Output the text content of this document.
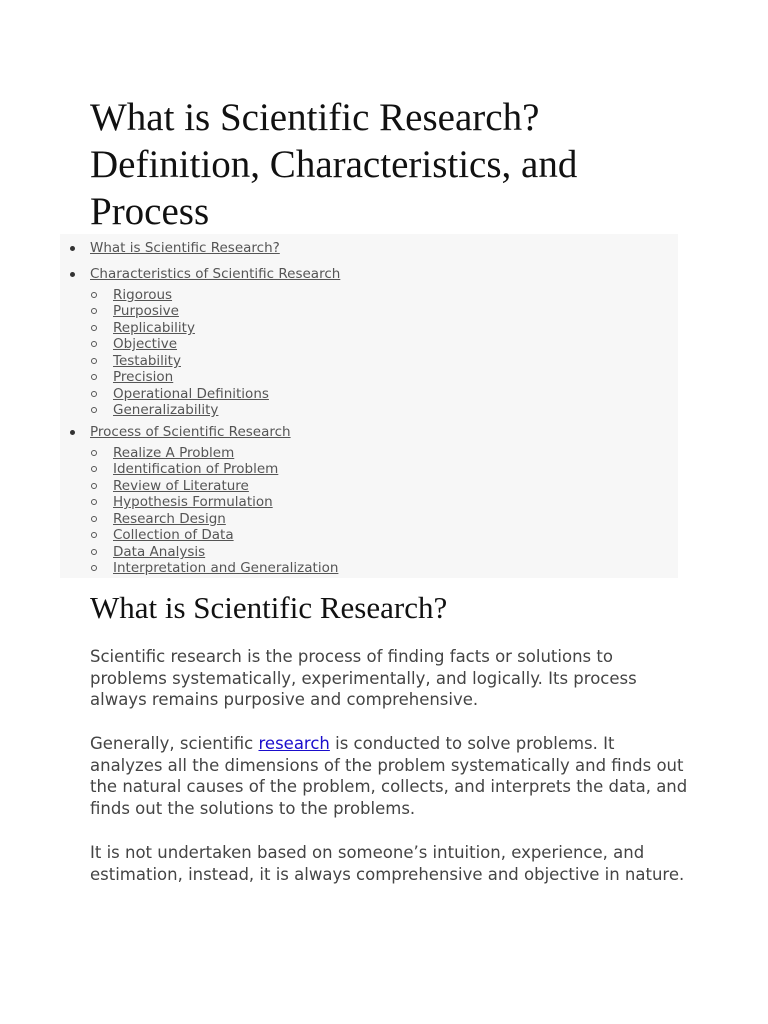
What is Scientific Research? Definition, Characteristics, and Process
What is Scientific Research?
Characteristics of Scientific Research
Rigorous
Purposive
Replicability
Objective
Testability
Precision
Operational Definitions
Generalizability
Process of Scientific Research
Realize A Problem
Identification of Problem
Review of Literature
Hypothesis Formulation
Research Design
Collection of Data
Data Analysis
Interpretation and Generalization
What is Scientific Research?

Scientific research is the process of finding facts or solutions to problems systematically, experimentally, and logically. Its process always remains purposive and comprehensive.

Generally, scientific research is conducted to solve problems. It analyzes all the dimensions of the problem systematically and finds out the natural causes of the problem, collects, and interprets the data, and finds out the solutions to the problems.

It is not undertaken based on someone’s intuition, experience, and estimation, instead, it is always comprehensive and objective in nature.
